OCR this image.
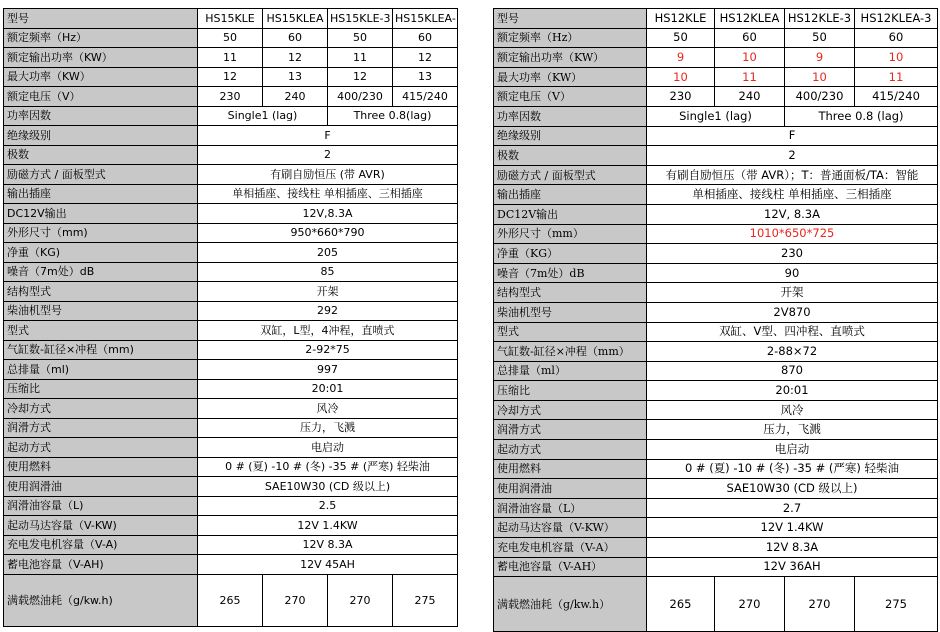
型号	HS15KLE	HS15KLEA	HS15KLE-3	HS15KLEA-
额定频率（Hz）	50	60	50	60
额定输出功率（KW）	11	12	11	12
最大功率（KW）	12	13	12	13
额定电压（V）	230	240	400/230	415/240
功率因数	Single1 (lag)		Three 0.8(lag)	
绝缘级别	F			
极数	2			
励磁方式 / 面板型式	有刷自励恒压 (带 AVR)			
输出插座	单相插座、接线柱 单相插座、三相插座			
DC12V输出	12V,8.3A			
外形尺寸（mm)	950*660*790			
净重（KG)	205			
噪音（7m处）dB	85			
结构型式	开架			
柴油机型号	292			
型式	双缸，L型，4冲程，直喷式			
气缸数-缸径×冲程（mm)	2-92*75			
总排量（ml)	997			
压缩比	20:01			
冷却方式	风冷			
润滑方式	压力，飞溅			
起动方式	电启动			
使用燃料	0 # (夏) -10 # (冬) -35 # (严寒) 轻柴油			
使用润滑油	SAE10W30 (CD 级以上)			
润滑油容量（L)	2.5			
起动马达容量（V-KW)	12V 1.4KW			
充电发电机容量（V-A)	12V 8.3A			
蓄电池容量（V-AH)	12V 45AH			
满载燃油耗（g/kw.h)	265	270	270	275
型号	HS12KLE	HS12KLEA	HS12KLE-3	HS12KLEA-3
额定频率（Hz）	50	60	50	60
额定输出功率（KW）	9	10	9	10
最大功率（KW）	10	11	10	11
额定电压（V）	230	240	400/230	415/240
功率因数	Single1 (lag)		Three 0.8 (lag)	
绝缘级别	F			
极数	2			
励磁方式 / 面板型式	有刷自励恒压（带 AVR）；T：普通面板/TA：智能			
输出插座	单相插座、接线柱 单相插座、三相插座			
DC12V输出	12V, 8.3A			
外形尺寸（mm）	1010*650*725			
净重（KG）	230			
噪音（7m处）dB	90			
结构型式	开架			
柴油机型号	2V870			
型式	双缸、V型、四冲程、直喷式			
气缸数-缸径×冲程（mm）	2-88×72			
总排量（ml）	870			
压缩比	20:01			
冷却方式	风冷			
润滑方式	压力，飞溅			
起动方式	电启动			
使用燃料	0 # (夏) -10 # (冬) -35 # (严寒) 轻柴油			
使用润滑油	SAE10W30 (CD 级以上)			
润滑油容量（L）	2.7			
起动马达容量（V-KW）	12V 1.4KW			
充电发电机容量（V-A）	12V 8.3A			
蓄电池容量（V-AH）	12V 36AH			
满载燃油耗（g/kw.h）	265	270	270	275
